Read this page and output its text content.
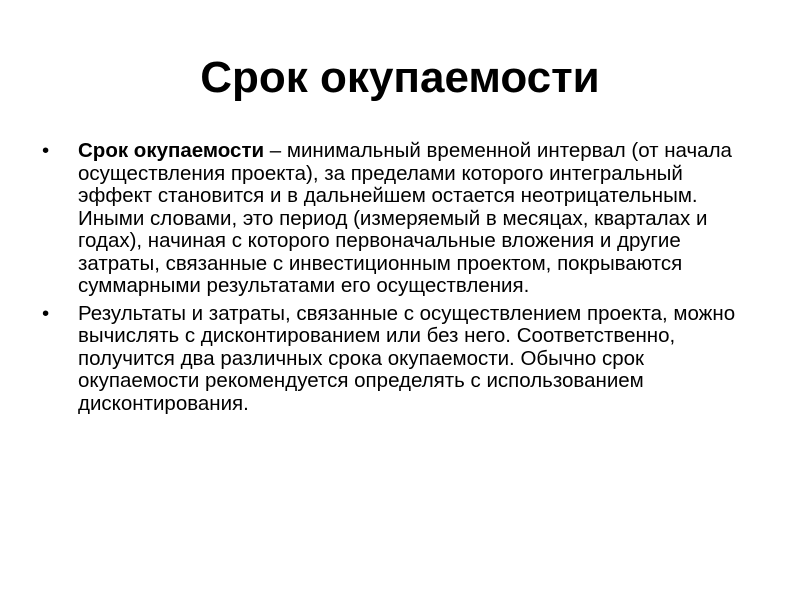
Срок окупаемости
•	Срок окупаемости – минимальный временной интервал (от начала осуществления проекта), за пределами которого интегральный эффект становится и в дальнейшем остается неотрицательным. Иными словами, это период (измеряемый в месяцах, кварталах и годах), начиная с которого первоначальные вложения и другие затраты, связанные с инвестиционным проектом, покрываются суммарными результатами его осуществления.
•	Результаты и затраты, связанные с осуществлением проекта, можно вычислять с дисконтированием или без него. Соответственно, получится два различных срока окупаемости. Обычно срок окупаемости рекомендуется определять с использованием дисконтирования.
